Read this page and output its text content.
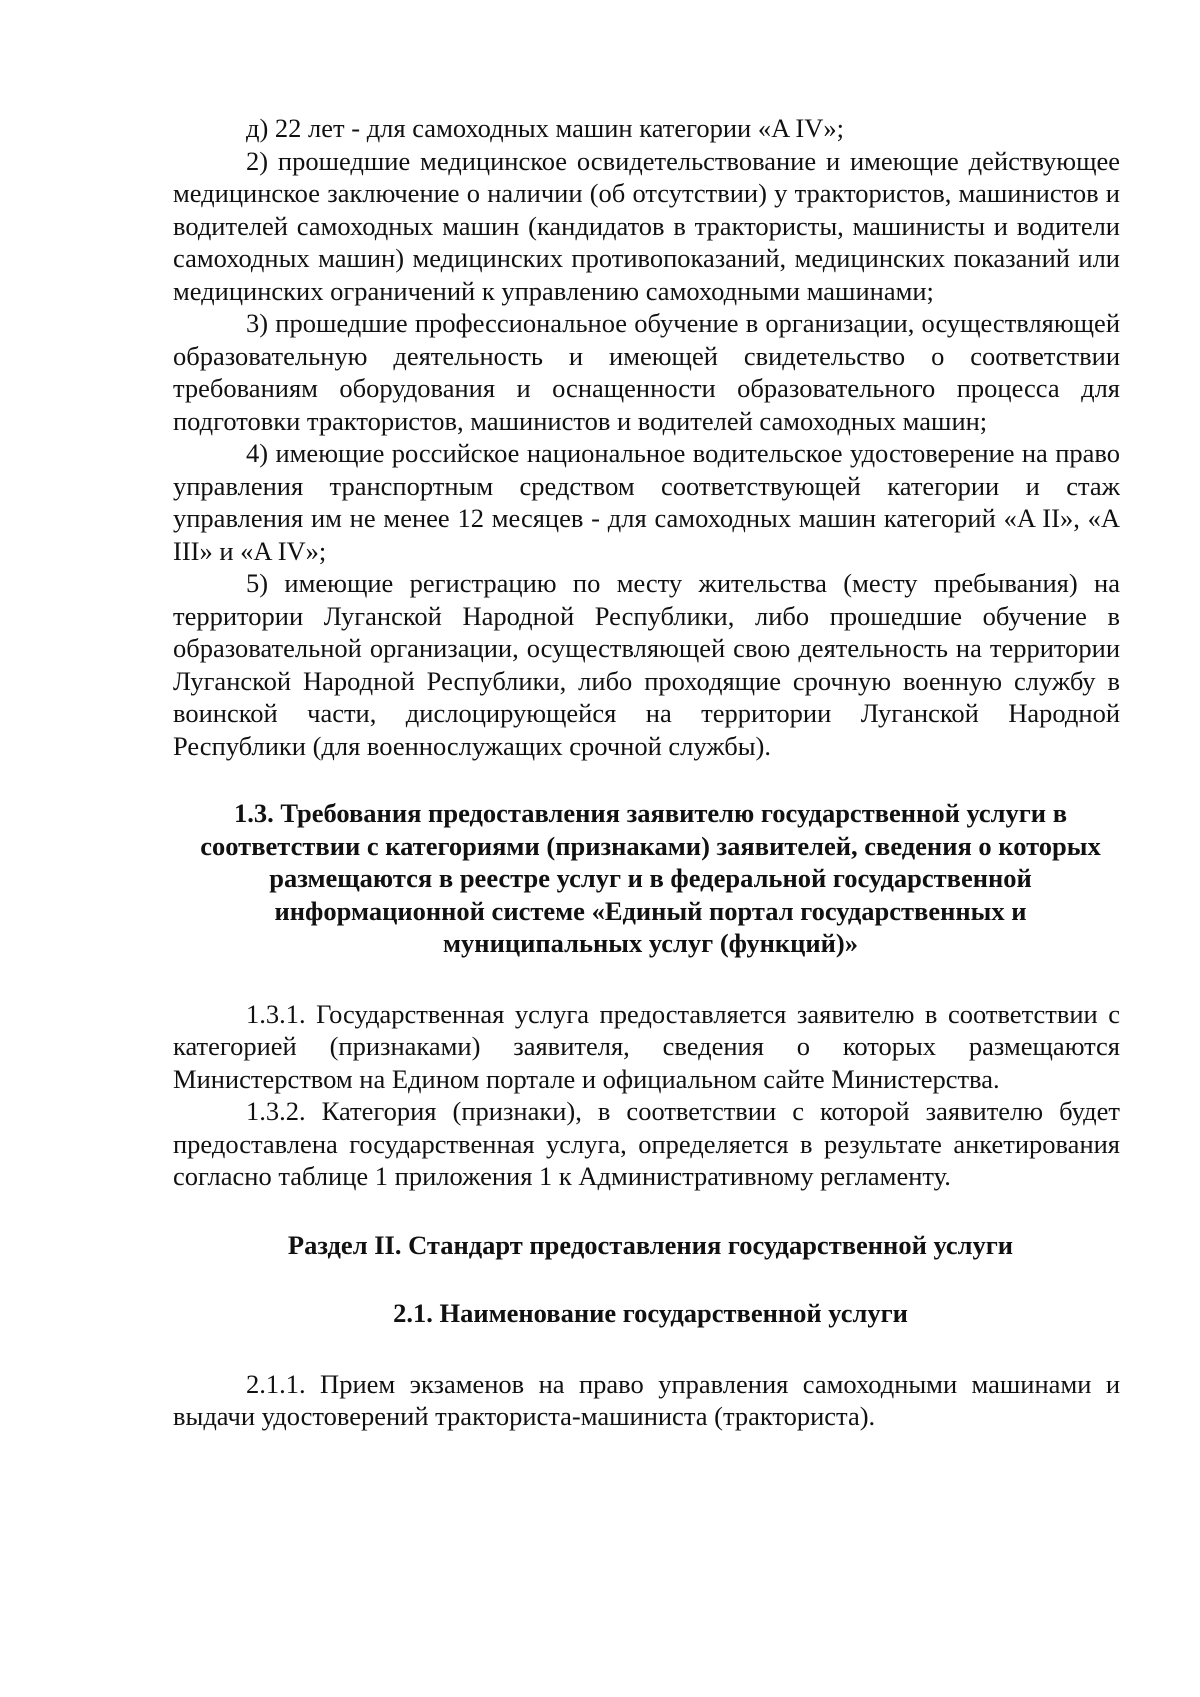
д) 22 лет - для самоходных машин категории «A IV»;

2) прошедшие медицинское освидетельствование и имеющие действующее медицинское заключение о наличии (об отсутствии) у трактористов, машинистов и водителей самоходных машин (кандидатов в трактористы, машинисты и водители самоходных машин) медицинских противопоказаний, медицинских показаний или медицинских ограничений к управлению самоходными машинами;

3) прошедшие профессиональное обучение в организации, осуществляющей образовательную деятельность и имеющей свидетельство о соответствии требованиям оборудования и оснащенности образовательного процесса для подготовки трактористов, машинистов и водителей самоходных машин;

4) имеющие российское национальное водительское удостоверение на право управления транспортным средством соответствующей категории и стаж управления им не менее 12 месяцев - для самоходных машин категорий «A II», «A III» и «A IV»;

5) имеющие регистрацию по месту жительства (месту пребывания) на территории Луганской Народной Республики, либо прошедшие обучение в образовательной организации, осуществляющей свою деятельность на территории Луганской Народной Республики, либо проходящие срочную военную службу в воинской части, дислоцирующейся на территории Луганской Народной Республики (для военнослужащих срочной службы).

1.3. Требования предоставления заявителю государственной услуги в соответствии с категориями (признаками) заявителей, сведения о которых размещаются в реестре услуг и в федеральной государственной информационной системе «Единый портал государственных и муниципальных услуг (функций)»

1.3.1. Государственная услуга предоставляется заявителю в соответствии с категорией (признаками) заявителя, сведения о которых размещаются Министерством на Едином портале и официальном сайте Министерства.

1.3.2. Категория (признаки), в соответствии с которой заявителю будет предоставлена государственная услуга, определяется в результате анкетирования согласно таблице 1 приложения 1 к Административному регламенту.

Раздел II. Стандарт предоставления государственной услуги

2.1. Наименование государственной услуги

2.1.1. Прием экзаменов на право управления самоходными машинами и выдачи удостоверений тракториста-машиниста (тракториста).
